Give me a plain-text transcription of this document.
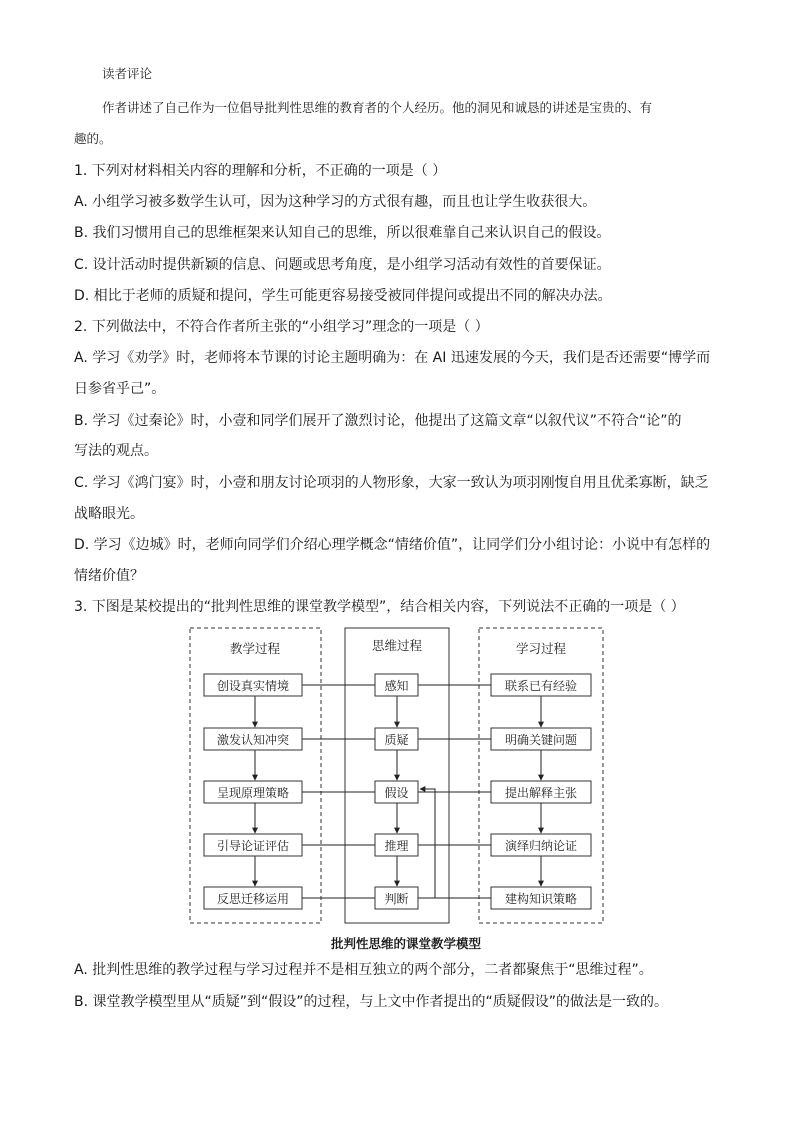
读者评论
作者讲述了自己作为一位倡导批判性思维的教育者的个人经历。他的洞见和诚恳的讲述是宝贵的、有
趣的。
1. 下列对材料相关内容的理解和分析，不正确的一项是（ ）
A. 小组学习被多数学生认可，因为这种学习的方式很有趣，而且也让学生收获很大。
B. 我们习惯用自己的思维框架来认知自己的思维，所以很难靠自己来认识自己的假设。
C. 设计活动时提供新颖的信息、问题或思考角度，是小组学习活动有效性的首要保证。
D. 相比于老师的质疑和提问，学生可能更容易接受被同伴提问或提出不同的解决办法。
2. 下列做法中，不符合作者所主张的“小组学习”理念的一项是（ ）
A. 学习《劝学》时，老师将本节课的讨论主题明确为：在 AI 迅速发展的今天，我们是否还需要“博学而
日参省乎己”。
B. 学习《过秦论》时，小壹和同学们展开了激烈讨论，他提出了这篇文章“以叙代议”不符合“论”的
写法的观点。
C. 学习《鸿门宴》时，小壹和朋友讨论项羽的人物形象，大家一致认为项羽刚愎自用且优柔寡断，缺乏
战略眼光。
D. 学习《边城》时，老师向同学们介绍心理学概念“情绪价值”，让同学们分小组讨论：小说中有怎样的
情绪价值？
3. 下图是某校提出的“批判性思维的课堂教学模型”，结合相关内容，下列说法不正确的一项是（ ）
教学过程	思维过程	学习过程
创设真实情境
激发认知冲突
呈现原理策略
引导论证评估
反思迁移运用
感知
质疑
假设
推理
判断
联系已有经验
明确关键问题
提出解释主张
演绎归纳论证
建构知识策略
批判性思维的课堂教学模型
A. 批判性思维的教学过程与学习过程并不是相互独立的两个部分，二者都聚焦于“思维过程”。
B. 课堂教学模型里从“质疑”到“假设”的过程，与上文中作者提出的“质疑假设”的做法是一致的。
